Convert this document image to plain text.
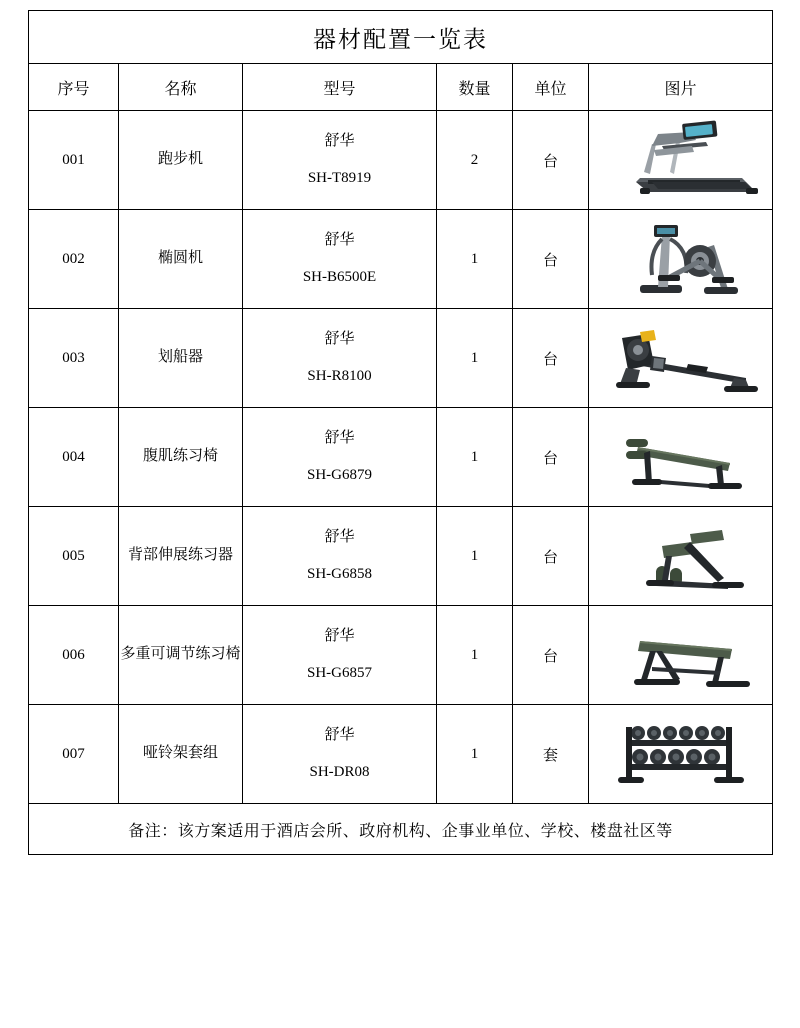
器材配置一览表					
序号	名称	型号	数量	单位	图片
001	跑步机	舒华
SH-T8919	2	台	

002	椭圆机	舒华
SH-B6500E	1	台	

003	划船器	舒华
SH-R8100	1	台	

004	腹肌练习椅	舒华
SH-G6879	1	台	

005	背部伸展练习器	舒华
SH-G6858	1	台	

006	多重可调节练习椅	舒华
SH-G6857	1	台	

007	哑铃架套组	舒华
SH-DR08	1	套	

备注：该方案适用于酒店会所、政府机构、企事业单位、学校、楼盘社区等					
